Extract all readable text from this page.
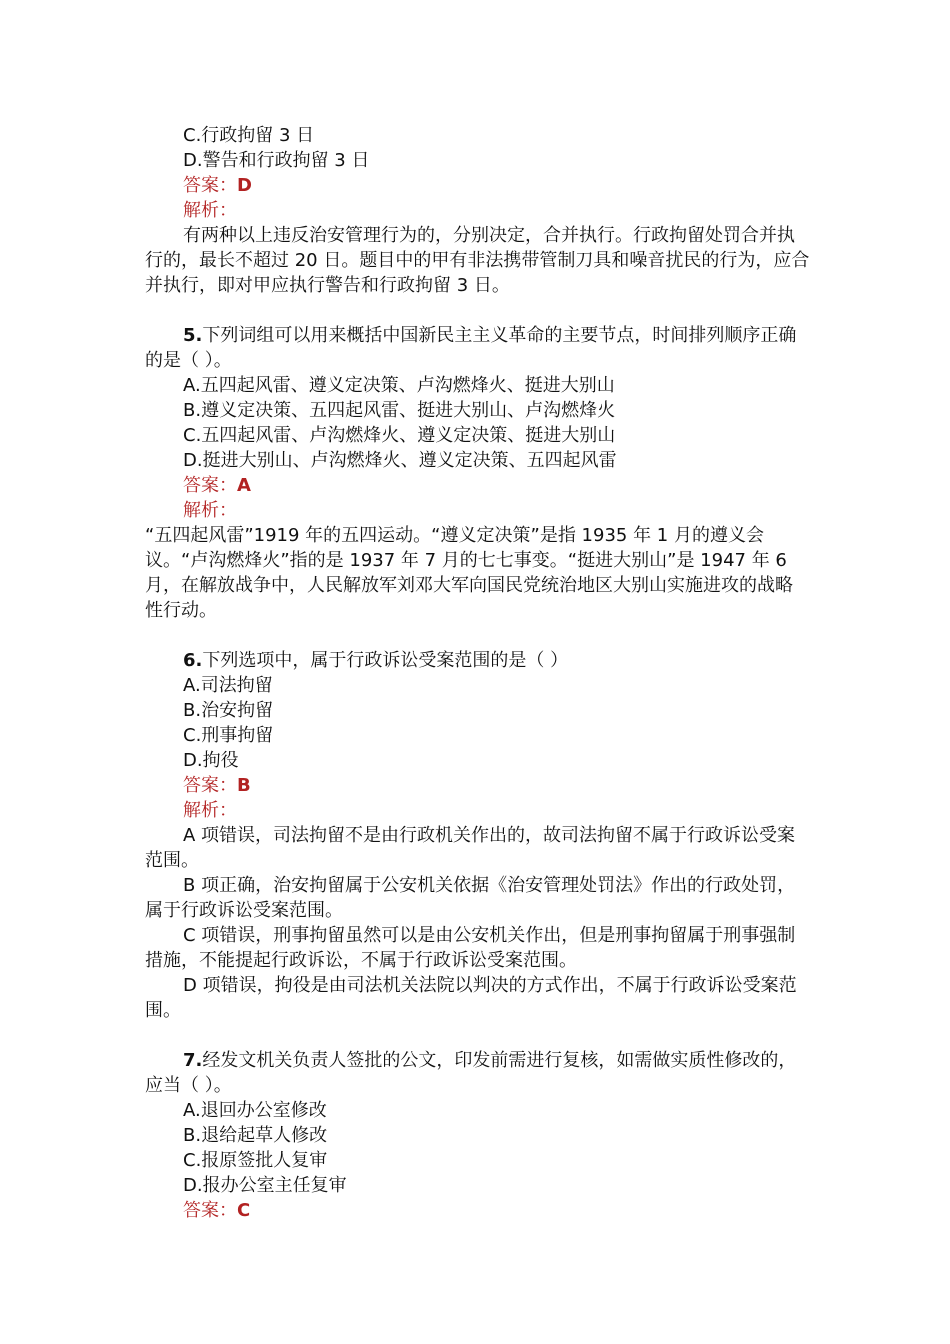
C.行政拘留 3 日

D.警告和行政拘留 3 日

答案：D

解析：

有两种以上违反治安管理行为的，分别决定，合并执行。行政拘留处罚合并执行的，最长不超过 20 日。题目中的甲有非法携带管制刀具和噪音扰民的行为，应合并执行，即对甲应执行警告和行政拘留 3 日。

5.下列词组可以用来概括中国新民主主义革命的主要节点，时间排列顺序正确的是（ ）。

A.五四起风雷、遵义定决策、卢沟燃烽火、挺进大别山

B.遵义定决策、五四起风雷、挺进大别山、卢沟燃烽火

C.五四起风雷、卢沟燃烽火、遵义定决策、挺进大别山

D.挺进大别山、卢沟燃烽火、遵义定决策、五四起风雷

答案：A

解析：

“五四起风雷”1919 年的五四运动。“遵义定决策”是指 1935 年 1 月的遵义会议。“卢沟燃烽火”指的是 1937 年 7 月的七七事变。“挺进大别山”是 1947 年 6 月，在解放战争中，人民解放军刘邓大军向国民党统治地区大别山实施进攻的战略性行动。

6.下列选项中，属于行政诉讼受案范围的是（ ）

A.司法拘留

B.治安拘留

C.刑事拘留

D.拘役

答案：B

解析：

A 项错误，司法拘留不是由行政机关作出的，故司法拘留不属于行政诉讼受案范围。

B 项正确，治安拘留属于公安机关依据《治安管理处罚法》作出的行政处罚，属于行政诉讼受案范围。

C 项错误，刑事拘留虽然可以是由公安机关作出，但是刑事拘留属于刑事强制措施，不能提起行政诉讼，不属于行政诉讼受案范围。

D 项错误，拘役是由司法机关法院以判决的方式作出，不属于行政诉讼受案范围。

7.经发文机关负责人签批的公文，印发前需进行复核，如需做实质性修改的，应当（ ）。

A.退回办公室修改

B.退给起草人修改

C.报原签批人复审

D.报办公室主任复审

答案：C
